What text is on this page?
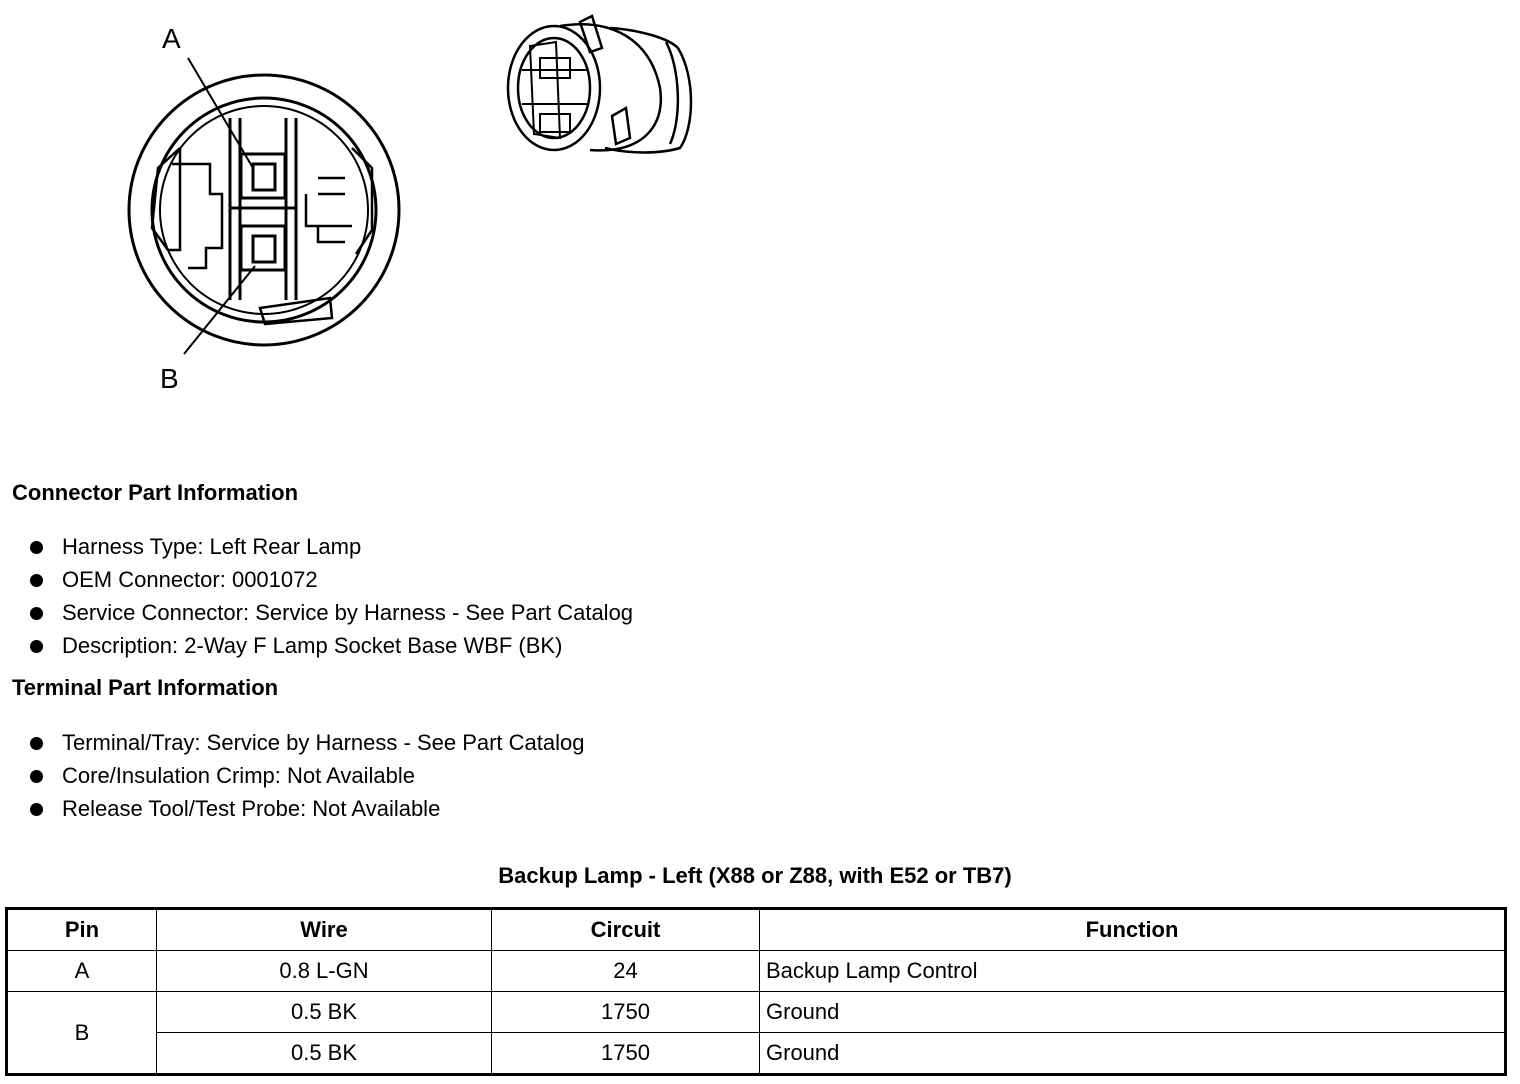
A
B
Connector Part Information
Harness Type: Left Rear Lamp
OEM Connector: 0001072
Service Connector: Service by Harness - See Part Catalog
Description: 2-Way F Lamp Socket Base WBF (BK)
Terminal Part Information
Terminal/Tray: Service by Harness - See Part Catalog
Core/Insulation Crimp: Not Available
Release Tool/Test Probe: Not Available
Backup Lamp - Left (X88 or Z88, with E52 or TB7)
Pin	Wire	Circuit	Function
A	0.8 L-GN	24	Backup Lamp Control
B	0.5 BK	1750	Ground
	0.5 BK	1750	Ground
